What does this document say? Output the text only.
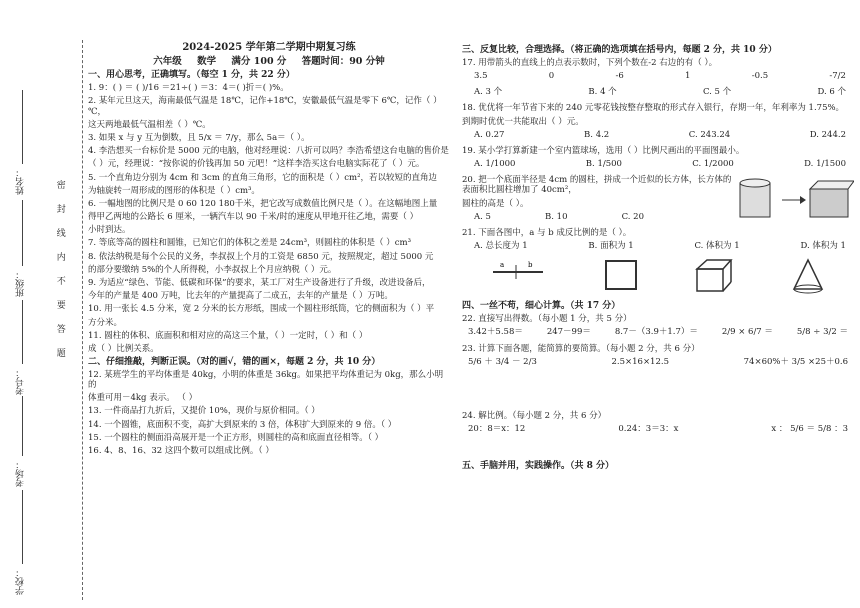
姓名：
班级：
考号：
考场：
学校：
密封线内不要答题
2024-2025 学年第二学期中期复习练
六年级 数学 满分 100 分 答题时间：90 分钟
一、用心思考，正确填写。（每空 1 分，共 22 分）
1. 9：( ) ＝ ( )/16 ＝21÷( ) ＝3：4＝( )折＝( )%。
2. 某年元旦这天，海南最低气温是 18℃，记作+18℃，安徽最低气温是零下 6℃，记作（ ）℃，
这天两地最低气温相差（ ）℃。
3. 如果 x 与 y 互为倒数，且 5/x ＝ 7/y，那么 5a＝（ ）。
4. 李浩想买一台标价是 5000 元的电脑，他对经理说：八折可以吗？李浩希望这台电脑的售价是
（ ）元，经理说：“按你说的价钱再加 50 元吧！”这样李浩买这台电脑实际花了（ ）元。
5. 一个直角边分别为 4cm 和 3cm 的直角三角形，它的面积是（ ）cm²，若以较短的直角边
为轴旋转一周形成的图形的体积是（ ）cm³。
6. 一幅地图的比例尺是 0 60 120 180千米，把它改写成数值比例尺是（ ）。在这幅地图上量
得甲乙两地的公路长 6 厘米，一辆汽车以 90 千米/时的速度从甲地开往乙地，需要（ ）
小时到达。
7. 等底等高的圆柱和圆锥，已知它们的体积之差是 24cm³，则圆柱的体积是（ ）cm³
8. 依法纳税是每个公民的义务，李叔叔上个月的工资是 6850 元，按照规定，超过 5000 元
的部分要缴纳 5%的个人所得税，小李叔叔上个月应纳税（ ）元。
9. 为适应“绿色、节能、低碳和环保”的要求，某工厂对生产设备进行了升级，改进设备后，
今年的产量是 400 万吨，比去年的产量提高了二成五，去年的产量是（ ）万吨。
10. 用一张长 4.5 分米，宽 2 分米的长方形纸，围成一个圆柱形纸筒，它的侧面积为（ ）平
方分米。
11. 圆柱的体积、底面积和相对应的高这三个量，（ ）一定时，（ ）和（ ）
成（ ）比例关系。
二、仔细推敲，判断正误。（对的画√，错的画×，每题 2 分，共 10 分）
12. 某班学生的平均体重是 40kg，小明的体重是 36kg。如果把平均体重记为 0kg，那么小明的
体重可用－4kg 表示。 （ ）
13. 一件商品打九折后，又提价 10%，现价与原价相同。（ ）
14. 一个圆锥，底面积不变，高扩大到原来的 3 倍，体积扩大到原来的 9 倍。（ ）
15. 一个圆柱的侧面沿高展开是一个正方形，则圆柱的高和底面直径相等。（ ）
16. 4、8、16、32 这四个数可以组成比例。（ ）
三、反复比较，合理选择。（将正确的选项填在括号内，每题 2 分，共 10 分）
17. 用带箭头的直线上的点表示数时，下列个数在-2 右边的有（ ）。
3.5	0	-6	1	-0.5	-7/2
A. 3 个	B. 4 个	C. 5 个	D. 6 个
18. 优优将一年节省下来的 240 元零花钱按整存整取的形式存入银行，存期一年，年利率为 1.75%。
到期时优优一共能取出（ ）元。
A. 0.27	B. 4.2	C. 243.24	D. 244.2
19. 某小学打算新建一个室内篮球场，选用（ ）比例尺画出的平面图最小。
A. 1/1000	B. 1/500	C. 1/2000	D. 1/1500
20. 把一个底面半径是 4cm 的圆柱，拼成一个近似的长方体，长方体的表面积比圆柱增加了 40cm²，
圆柱的高是（ ）。
A. 5	B. 10	C. 20
21. 下面各图中，a 与 b 成反比例的是（ ）。
A. 总长度为 1	B. 面积为 1	C. 体积为 1	D. 体积为 1
a	b
四、一丝不苟，细心计算。（共 17 分）
22. 直接写出得数。（每小题 1 分，共 5 分）
3.42＋5.58＝	247－99＝	8.7－（3.9＋1.7）＝	2/9 × 6/7 ＝	5/8 ÷ 3/2 ＝
23. 计算下面各题，能简算的要简算。（每小题 2 分，共 6 分）
5/6 ＋ 3/4 － 2/3	2.5×16×12.5	74×60%＋ 3/5 ×25＋0.6
24. 解比例。（每小题 2 分，共 6 分）
20：8＝x：12	0.24：3＝3：x	x ： 5/6 ＝ 5/8 ：3
五、手脑并用，实践操作。（共 8 分）
